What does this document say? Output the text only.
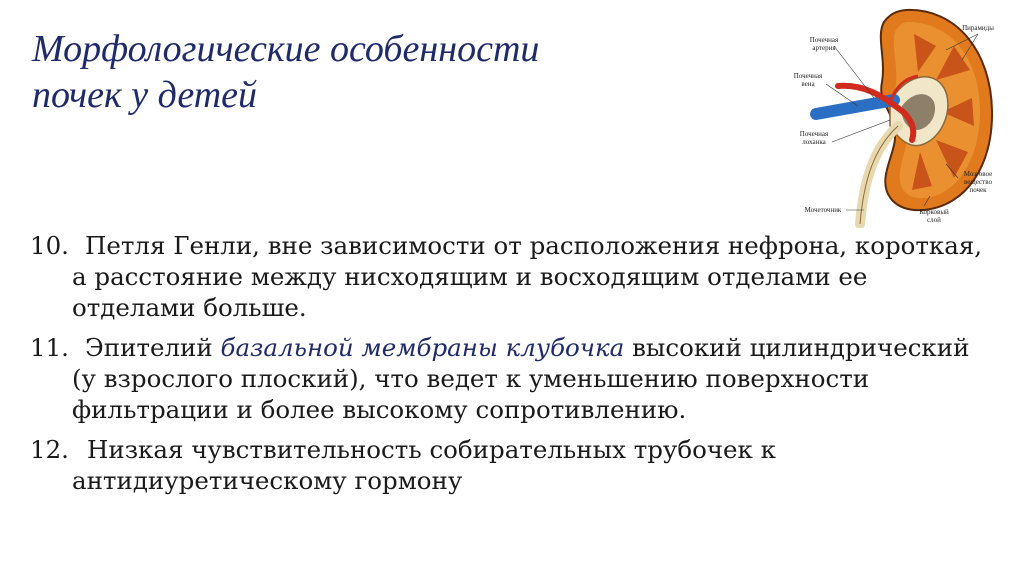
Морфологические особенности
почек у детей
Пирамиды
Почечная артерия
Почечная вена
Почечная лоханка
Мозговое вещество почек
Мочеточник	Корковый слой
10. Петля Генли, вне зависимости от расположения нефрона, короткая, а расстояние между нисходящим и восходящим отделами ее отделами больше.
11. Эпителий базальной мембраны клубочка высокий цилиндрический (у взрослого плоский), что ведет к уменьшению поверхности фильтрации и более высокому сопротивлению.
12. Низкая чувствительность собирательных трубочек к антидиуретическому гормону
